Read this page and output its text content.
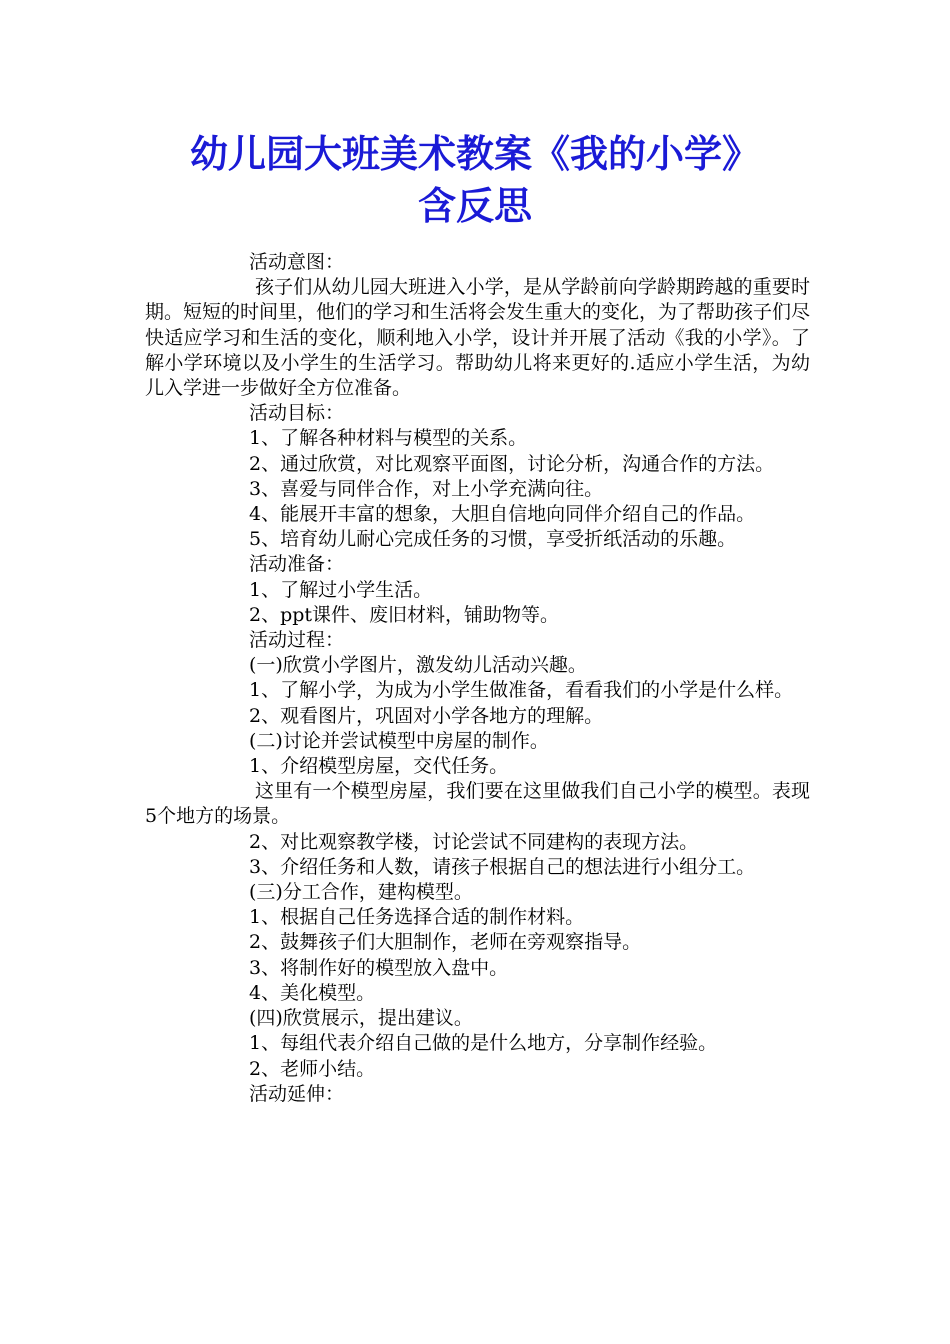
幼儿园大班美术教案《我的小学》
含反思

活动意图：

孩子们从幼儿园大班进入小学，是从学龄前向学龄期跨越的重要时期。短短的时间里，他们的学习和生活将会发生重大的变化，为了帮助孩子们尽快适应学习和生活的变化，顺利地入小学，设计并开展了活动《我的小学》。了解小学环境以及小学生的生活学习。帮助幼儿将来更好的.适应小学生活，为幼儿入学进一步做好全方位准备。

活动目标：

1、了解各种材料与模型的关系。

2、通过欣赏，对比观察平面图，讨论分析，沟通合作的方法。

3、喜爱与同伴合作，对上小学充满向往。

4、能展开丰富的想象，大胆自信地向同伴介绍自己的作品。

5、培育幼儿耐心完成任务的习惯，享受折纸活动的乐趣。

活动准备：

1、了解过小学生活。

2、ppt课件、废旧材料，铺助物等。

活动过程：

(一)欣赏小学图片，激发幼儿活动兴趣。

1、了解小学，为成为小学生做准备，看看我们的小学是什么样。

2、观看图片，巩固对小学各地方的理解。

(二)讨论并尝试模型中房屋的制作。

1、介绍模型房屋，交代任务。

这里有一个模型房屋，我们要在这里做我们自己小学的模型。表现5个地方的场景。

2、对比观察教学楼，讨论尝试不同建构的表现方法。

3、介绍任务和人数，请孩子根据自己的想法进行小组分工。

(三)分工合作，建构模型。

1、根据自己任务选择合适的制作材料。

2、鼓舞孩子们大胆制作，老师在旁观察指导。

3、将制作好的模型放入盘中。

4、美化模型。

(四)欣赏展示，提出建议。

1、每组代表介绍自己做的是什么地方，分享制作经验。

2、老师小结。

活动延伸：
